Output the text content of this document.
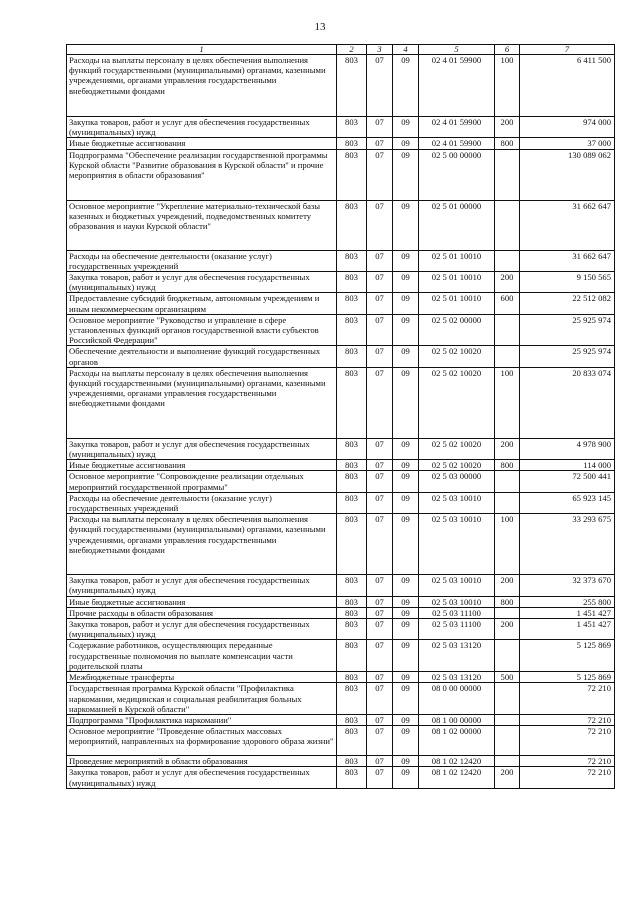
13
1	2	3	4	5	6	7
Расходы на выплаты персоналу в целях обеспечения выполнения функций государственными (муниципальными) органами, казенными учреждениями, органами управления государственными внебюджетными фондами	803	07	09	02 4 01 59900	100	6 411 500
Закупка товаров, работ и услуг для обеспечения государственных (муниципальных) нужд	803	07	09	02 4 01 59900	200	974 000
Иные бюджетные ассигнования	803	07	09	02 4 01 59900	800	37 000
Подпрограмма "Обеспечение реализации государственной программы Курской области "Развитие образования в Курской области" и прочие мероприятия в области образования"	803	07	09	02 5 00 00000		130 089 062
Основное мероприятие "Укрепление материально-технической базы казенных и бюджетных учреждений, подведомственных комитету образования и науки Курской области"	803	07	09	02 5 01 00000		31 662 647
Расходы на обеспечение деятельности (оказание услуг) государственных учреждений	803	07	09	02 5 01 10010		31 662 647
Закупка товаров, работ и услуг для обеспечения государственных (муниципальных) нужд	803	07	09	02 5 01 10010	200	9 150 565
Предоставление субсидий бюджетным, автономным учреждениям и иным некоммерческим организациям	803	07	09	02 5 01 10010	600	22 512 082
Основное мероприятие "Руководство и управление в сфере установленных функций органов государственной власти субъектов Российской Федерации"	803	07	09	02 5 02 00000		25 925 974
Обеспечение деятельности и выполнение функций государственных органов	803	07	09	02 5 02 10020		25 925 974
Расходы на выплаты персоналу в целях обеспечения выполнения функций государственными (муниципальными) органами, казенными учреждениями, органами управления государственными внебюджетными фондами	803	07	09	02 5 02 10020	100	20 833 074
Закупка товаров, работ и услуг для обеспечения государственных (муниципальных) нужд	803	07	09	02 5 02 10020	200	4 978 900
Иные бюджетные ассигнования	803	07	09	02 5 02 10020	800	114 000
Основное мероприятие "Сопровождение реализации отдельных мероприятий государственной программы"	803	07	09	02 5 03 00000		72 500 441
Расходы на обеспечение деятельности (оказание услуг) государственных учреждений	803	07	09	02 5 03 10010		65 923 145
Расходы на выплаты персоналу в целях обеспечения выполнения функций государственными (муниципальными) органами, казенными учреждениями, органами управления государственными внебюджетными фондами	803	07	09	02 5 03 10010	100	33 293 675
Закупка товаров, работ и услуг для обеспечения государственных (муниципальных) нужд	803	07	09	02 5 03 10010	200	32 373 670
Иные бюджетные ассигнования	803	07	09	02 5 03 10010	800	255 800
Прочие расходы в области образования	803	07	09	02 5 03 11100		1 451 427
Закупка товаров, работ и услуг для обеспечения государственных (муниципальных) нужд	803	07	09	02 5 03 11100	200	1 451 427
Содержание работников, осуществляющих переданные государственные полномочия по выплате компенсации части родительской платы	803	07	09	02 5 03 13120		5 125 869
Межбюджетные трансферты	803	07	09	02 5 03 13120	500	5 125 869
Государственная программа Курской области "Профилактика наркомании, медицинская и социальная реабилитация больных наркоманией в Курской области"	803	07	09	08 0 00 00000		72 210
Подпрограмма "Профилактика наркомании"	803	07	09	08 1 00 00000		72 210
Основное мероприятие "Проведение областных массовых мероприятий, направленных на формирование здорового образа жизни"	803	07	09	08 1 02 00000		72 210
Проведение мероприятий в области образования	803	07	09	08 1 02 12420		72 210
Закупка товаров, работ и услуг для обеспечения государственных (муниципальных) нужд	803	07	09	08 1 02 12420	200	72 210
